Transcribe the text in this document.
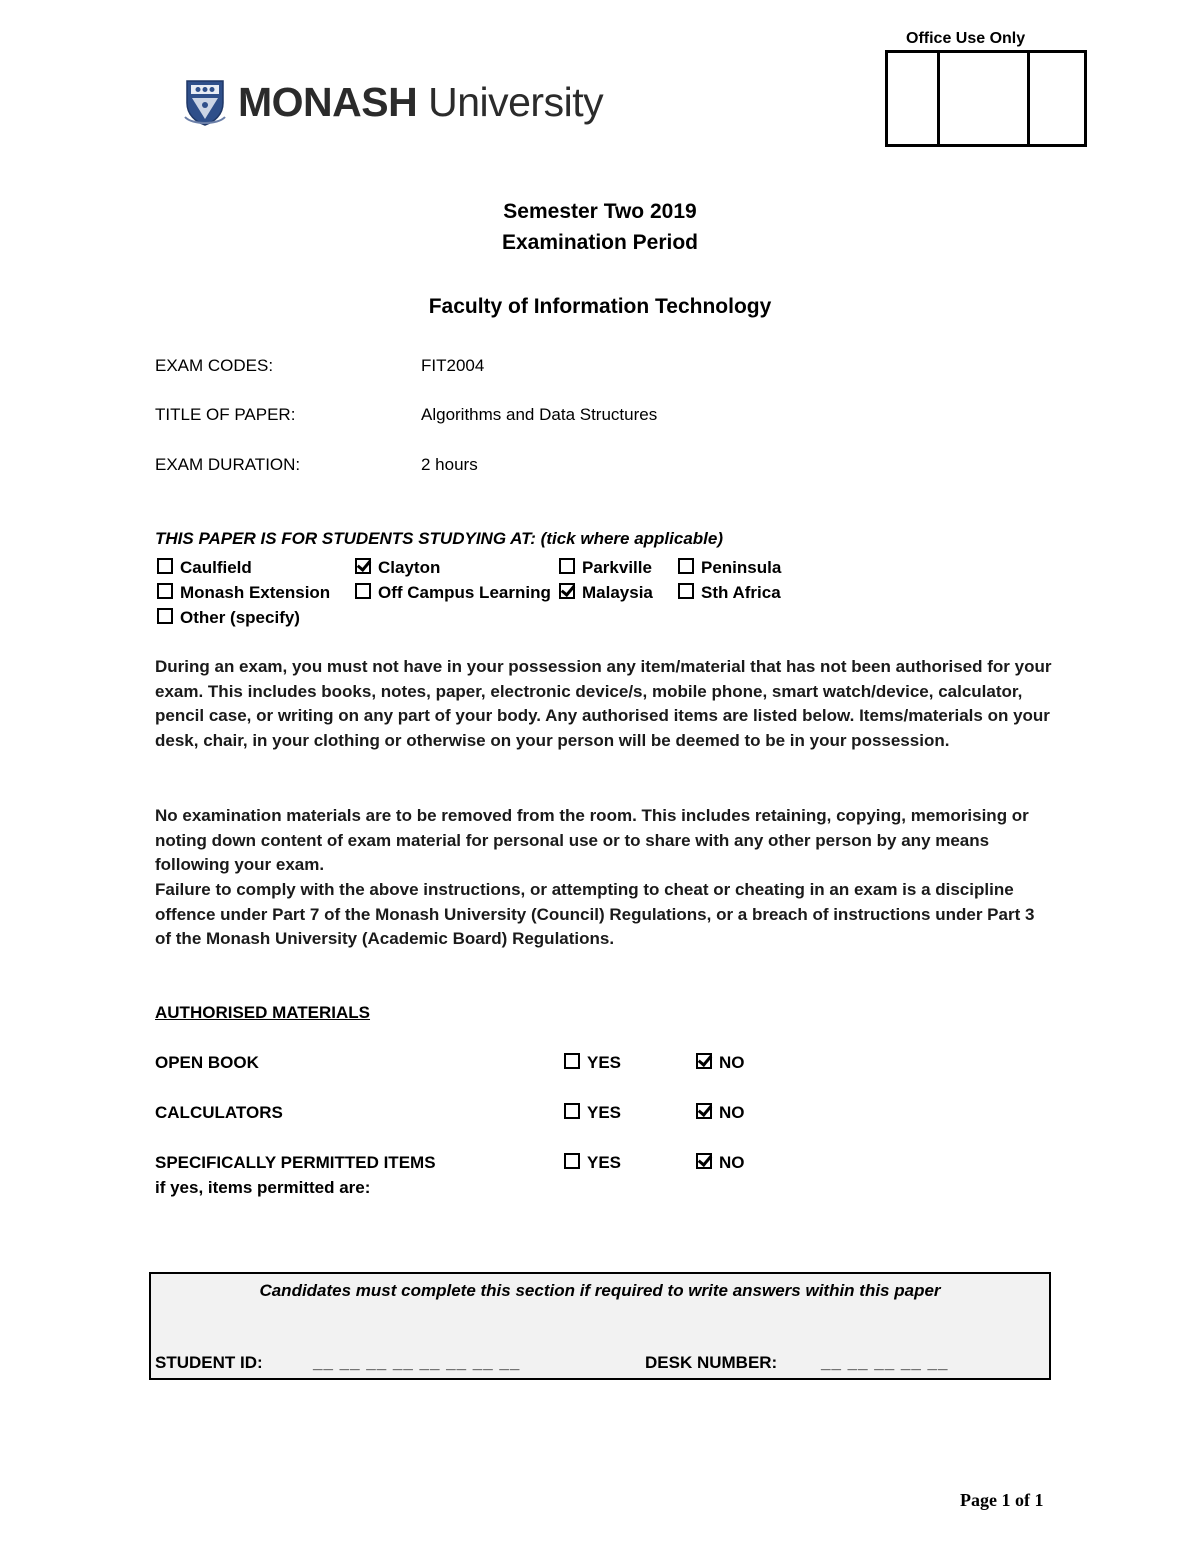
MONASH University
Office Use Only
Semester Two 2019
Examination Period
Faculty of Information Technology
EXAM CODES:	FIT2004
TITLE OF PAPER:	Algorithms and Data Structures
EXAM DURATION:	2 hours
THIS PAPER IS FOR STUDENTS STUDYING AT: (tick where applicable)
Caulfield	Clayton	Parkville	Peninsula
Monash Extension	Off Campus Learning	Malaysia	Sth Africa
Other (specify)
During an exam, you must not have in your possession any item/material that has not been authorised for your exam. This includes books, notes, paper, electronic device/s, mobile phone, smart watch/device, calculator, pencil case, or writing on any part of your body. Any authorised items are listed below. Items/materials on your desk, chair, in your clothing or otherwise on your person will be deemed to be in your possession.
No examination materials are to be removed from the room. This includes retaining, copying, memorising or noting down content of exam material for personal use or to share with any other person by any means following your exam.
Failure to comply with the above instructions, or attempting to cheat or cheating in an exam is a discipline offence under Part 7 of the Monash University (Council) Regulations, or a breach of instructions under Part 3 of the Monash University (Academic Board) Regulations.
AUTHORISED MATERIALS
OPEN BOOK	YES	NO
CALCULATORS	YES	NO
SPECIFICALLY PERMITTED ITEMS	YES	NO
if yes, items permitted are:
Candidates must complete this section if required to write answers within this paper
STUDENT ID:	__ __ __ __ __ __ __ __	DESK NUMBER:	__ __ __ __ __
Page 1 of 1
